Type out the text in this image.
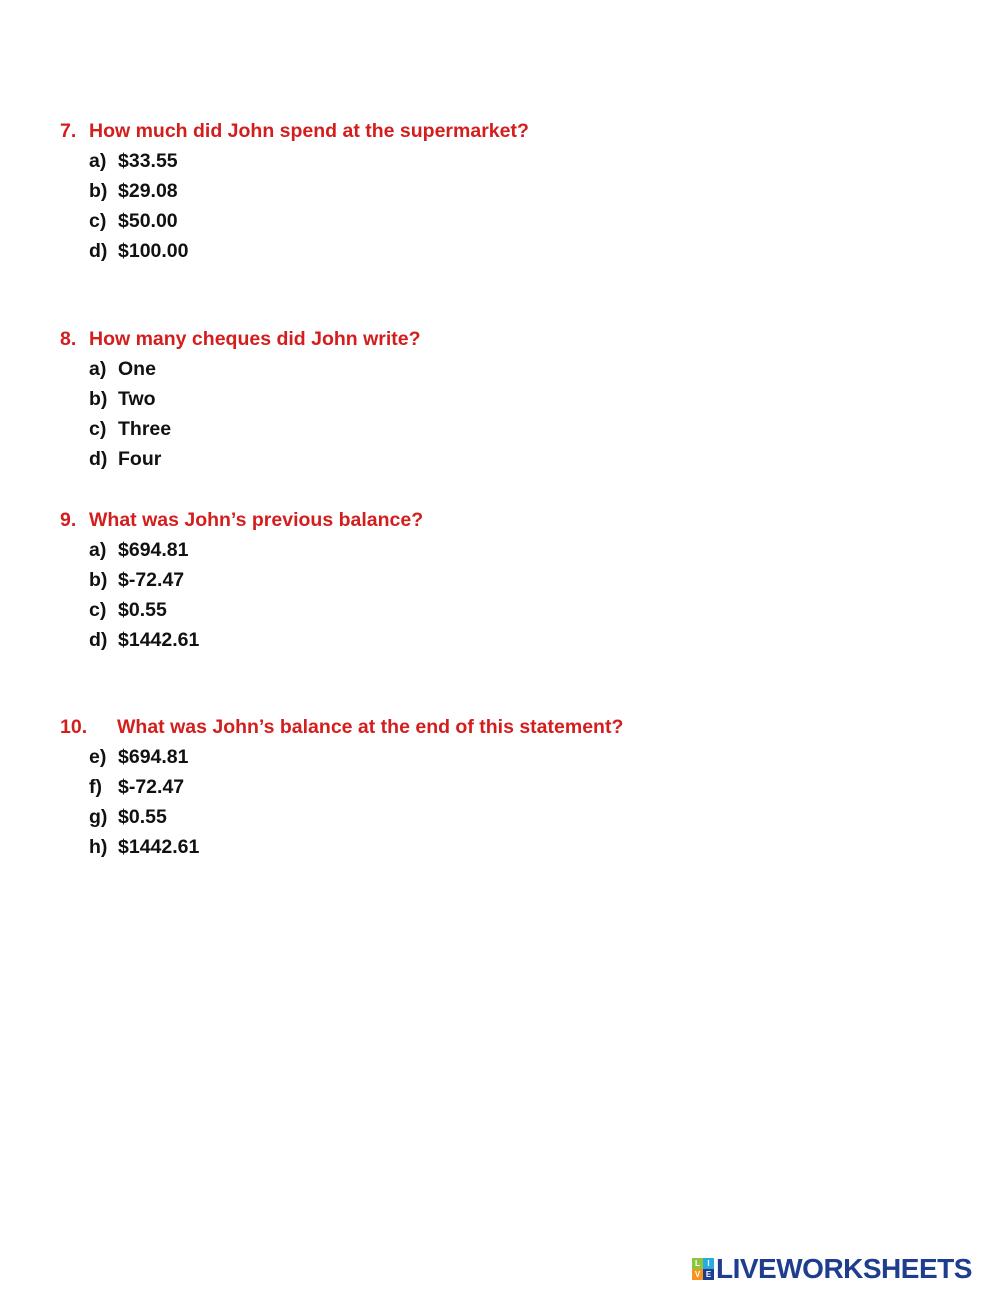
7. How much did John spend at the supermarket?
a) $33.55
b) $29.08
c) $50.00
d) $100.00
8. How many cheques did John write?
a) One
b) Two
c) Three
d) Four
9. What was John’s previous balance?
a) $694.81
b) $-72.47
c) $0.55
d) $1442.61
10.	What was John’s balance at the end of this statement?
e) $694.81
f) $-72.47
g) $0.55
h) $1442.61
L I
V E LIVEWORKSHEETS
